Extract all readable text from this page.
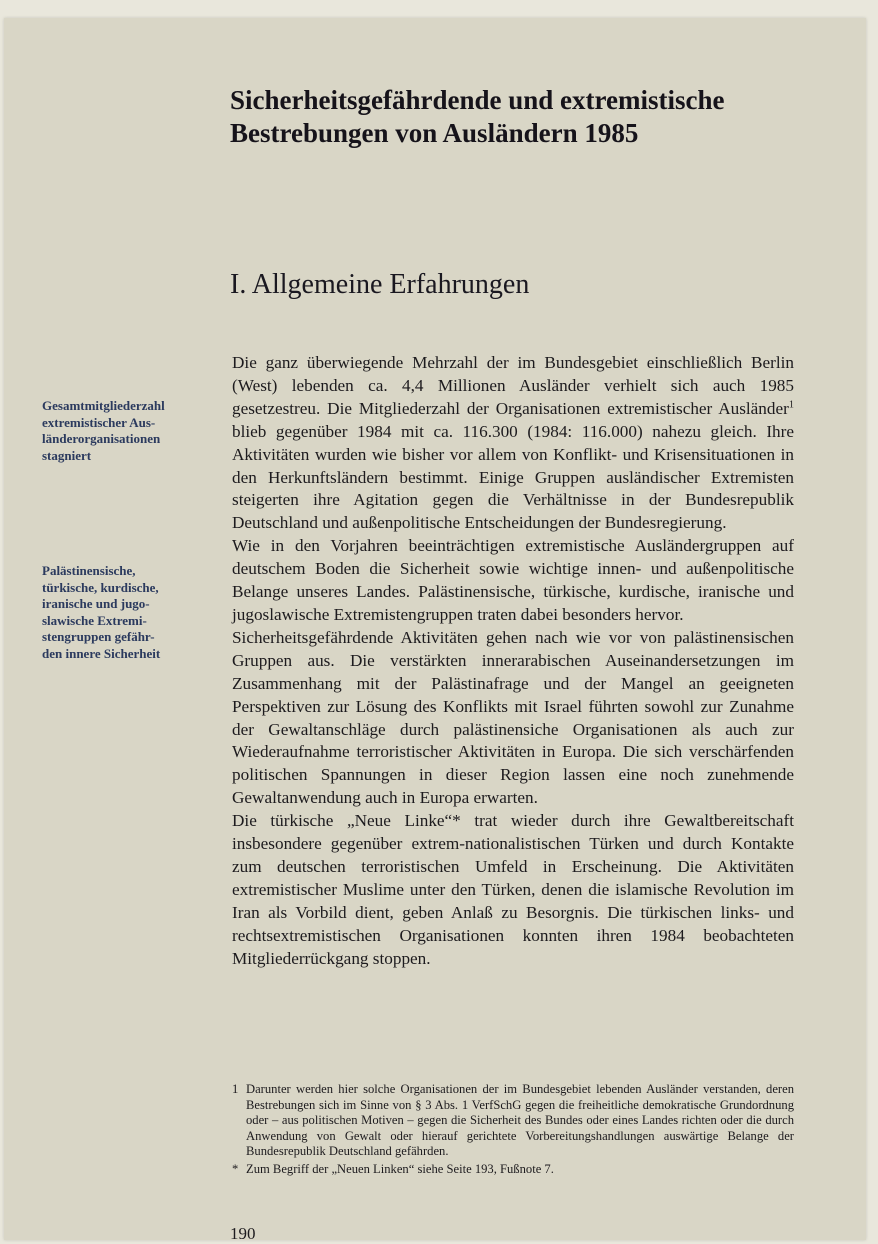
Sicherheitsgefährdende und extremistische
Bestrebungen von Ausländern 1985
I. Allgemeine Erfahrungen
Gesamtmitgliederzahl
extremistischer Aus-
länderorganisationen
stagniert
Palästinensische,
türkische, kurdische,
iranische und jugo-
slawische Extremi-
stengruppen gefähr-
den innere Sicherheit

Die ganz überwiegende Mehrzahl der im Bundesgebiet einschließlich Berlin (West) lebenden ca. 4,4 Millionen Ausländer verhielt sich auch 1985 gesetzestreu. Die Mitgliederzahl der Organisationen extremistischer Ausländer$^1$ blieb gegenüber 1984 mit ca. 116.300 (1984: 116.000) nahezu gleich. Ihre Aktivitäten wurden wie bisher vor allem von Konflikt- und Krisensituationen in den Herkunftsländern bestimmt. Einige Gruppen ausländischer Extremisten steigerten ihre Agitation gegen die Verhältnisse in der Bundesrepublik Deutschland und außenpolitische Entscheidungen der Bundesregierung.

Wie in den Vorjahren beeinträchtigen extremistische Ausländergruppen auf deutschem Boden die Sicherheit sowie wichtige innen- und außenpolitische Belange unseres Landes. Palästinensische, türkische, kurdische, iranische und jugoslawische Extremistengruppen traten dabei besonders hervor.

Sicherheitsgefährdende Aktivitäten gehen nach wie vor von palästinensischen Gruppen aus. Die verstärkten innerarabischen Auseinandersetzungen im Zusammenhang mit der Palästinafrage und der Mangel an geeigneten Perspektiven zur Lösung des Konflikts mit Israel führten sowohl zur Zunahme der Gewaltanschläge durch palästinensiche Organisationen als auch zur Wiederaufnahme terroristischer Aktivitäten in Europa. Die sich verschärfenden politischen Spannungen in dieser Region lassen eine noch zunehmende Gewaltanwendung auch in Europa erwarten.

Die türkische „Neue Linke“* trat wieder durch ihre Gewaltbereitschaft insbesondere gegenüber extrem-nationalistischen Türken und durch Kontakte zum deutschen terroristischen Umfeld in Erscheinung. Die Aktivitäten extremistischer Muslime unter den Türken, denen die islamische Revolution im Iran als Vorbild dient, geben Anlaß zu Besorgnis. Die türkischen links- und rechtsextremistischen Organisationen konnten ihren 1984 beobachteten Mitgliederrückgang stoppen.

1 Darunter werden hier solche Organisationen der im Bundesgebiet lebenden Ausländer verstanden, deren Bestrebungen sich im Sinne von § 3 Abs. 1 VerfSchG gegen die freiheitliche demokratische Grundordnung oder – aus politischen Motiven – gegen die Sicherheit des Bundes oder eines Landes richten oder die durch Anwendung von Gewalt oder hierauf gerichtete Vorbereitungshandlungen auswärtige Belange der Bundesrepublik Deutschland gefährden.

* Zum Begriff der „Neuen Linken“ siehe Seite 193, Fußnote 7.

190
